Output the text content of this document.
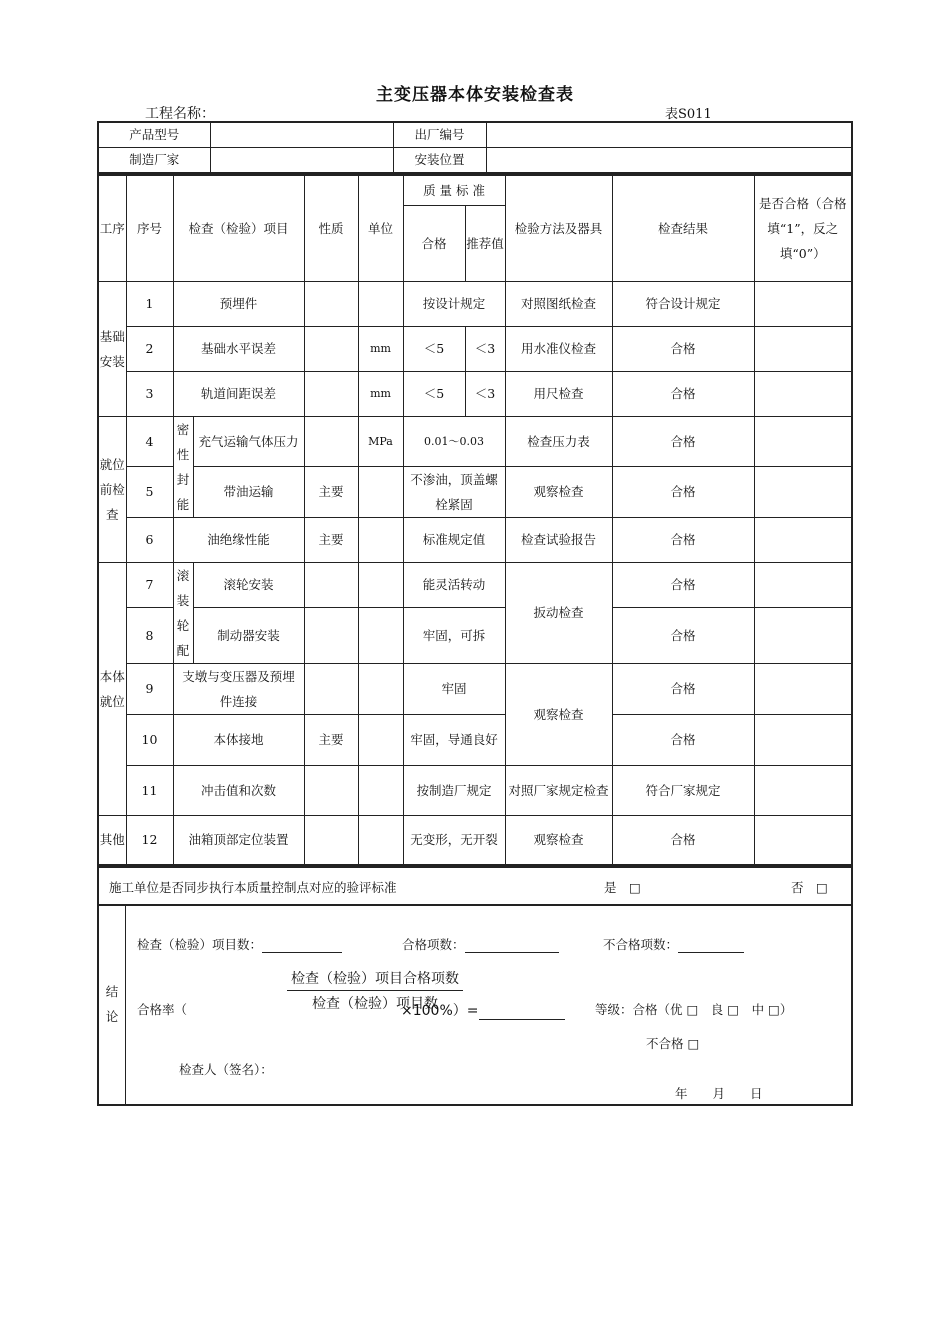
主变压器本体安装检查表
工程名称：	表S011
产品型号		出厂编号	
制造厂家		安装位置	
工序	序号	检查（检验）项目		性质	单位	质 量 标 准		检验方法及器具	检查结果	是否合格（合格填“1”，反之填“0”）
						合格	推荐值			
基础安装	1	预埋件				按设计规定		对照图纸检查	符合设计规定	
	2	基础水平误差			mm	＜5	＜3	用水准仪检查	合格	
	3	轨道间距误差			mm	＜5	＜3	用尺检查	合格	
就位前检查	4	密性封能	充气运输气体压力		MPa	0.01～0.03		检查压力表	合格	
	5		带油运输	主要		不渗油，顶盖螺栓紧固		观察检查	合格	
	6	油绝缘性能		主要		标准规定值		检查试验报告	合格	
本体就位	7	滚装轮配	滚轮安装			能灵活转动		扳动检查	合格	
	8		制动器安装			牢固，可拆			合格	
	9	支墩与变压器及预埋件连接				牢固		观察检查	合格	
	10	本体接地		主要		牢固，导通良好			合格	
	11	冲击值和次数				按制造厂规定		对照厂家规定检查	符合厂家规定	
其他	12	油箱顶部定位装置				无变形，无开裂		观察检查	合格	
施工单位是否同步执行本质量控制点对应的验评标准	是　□	否　□
结论
检查（检验）项目数：	合格项数：	不合格项数：
合格率（
检查（检验）项目合格项数
检查（检验）项目数
×100%）=	等级：合格（优 □　良 □　中 □）
不合格 □
检查人（签名）：
年　　月　　日
